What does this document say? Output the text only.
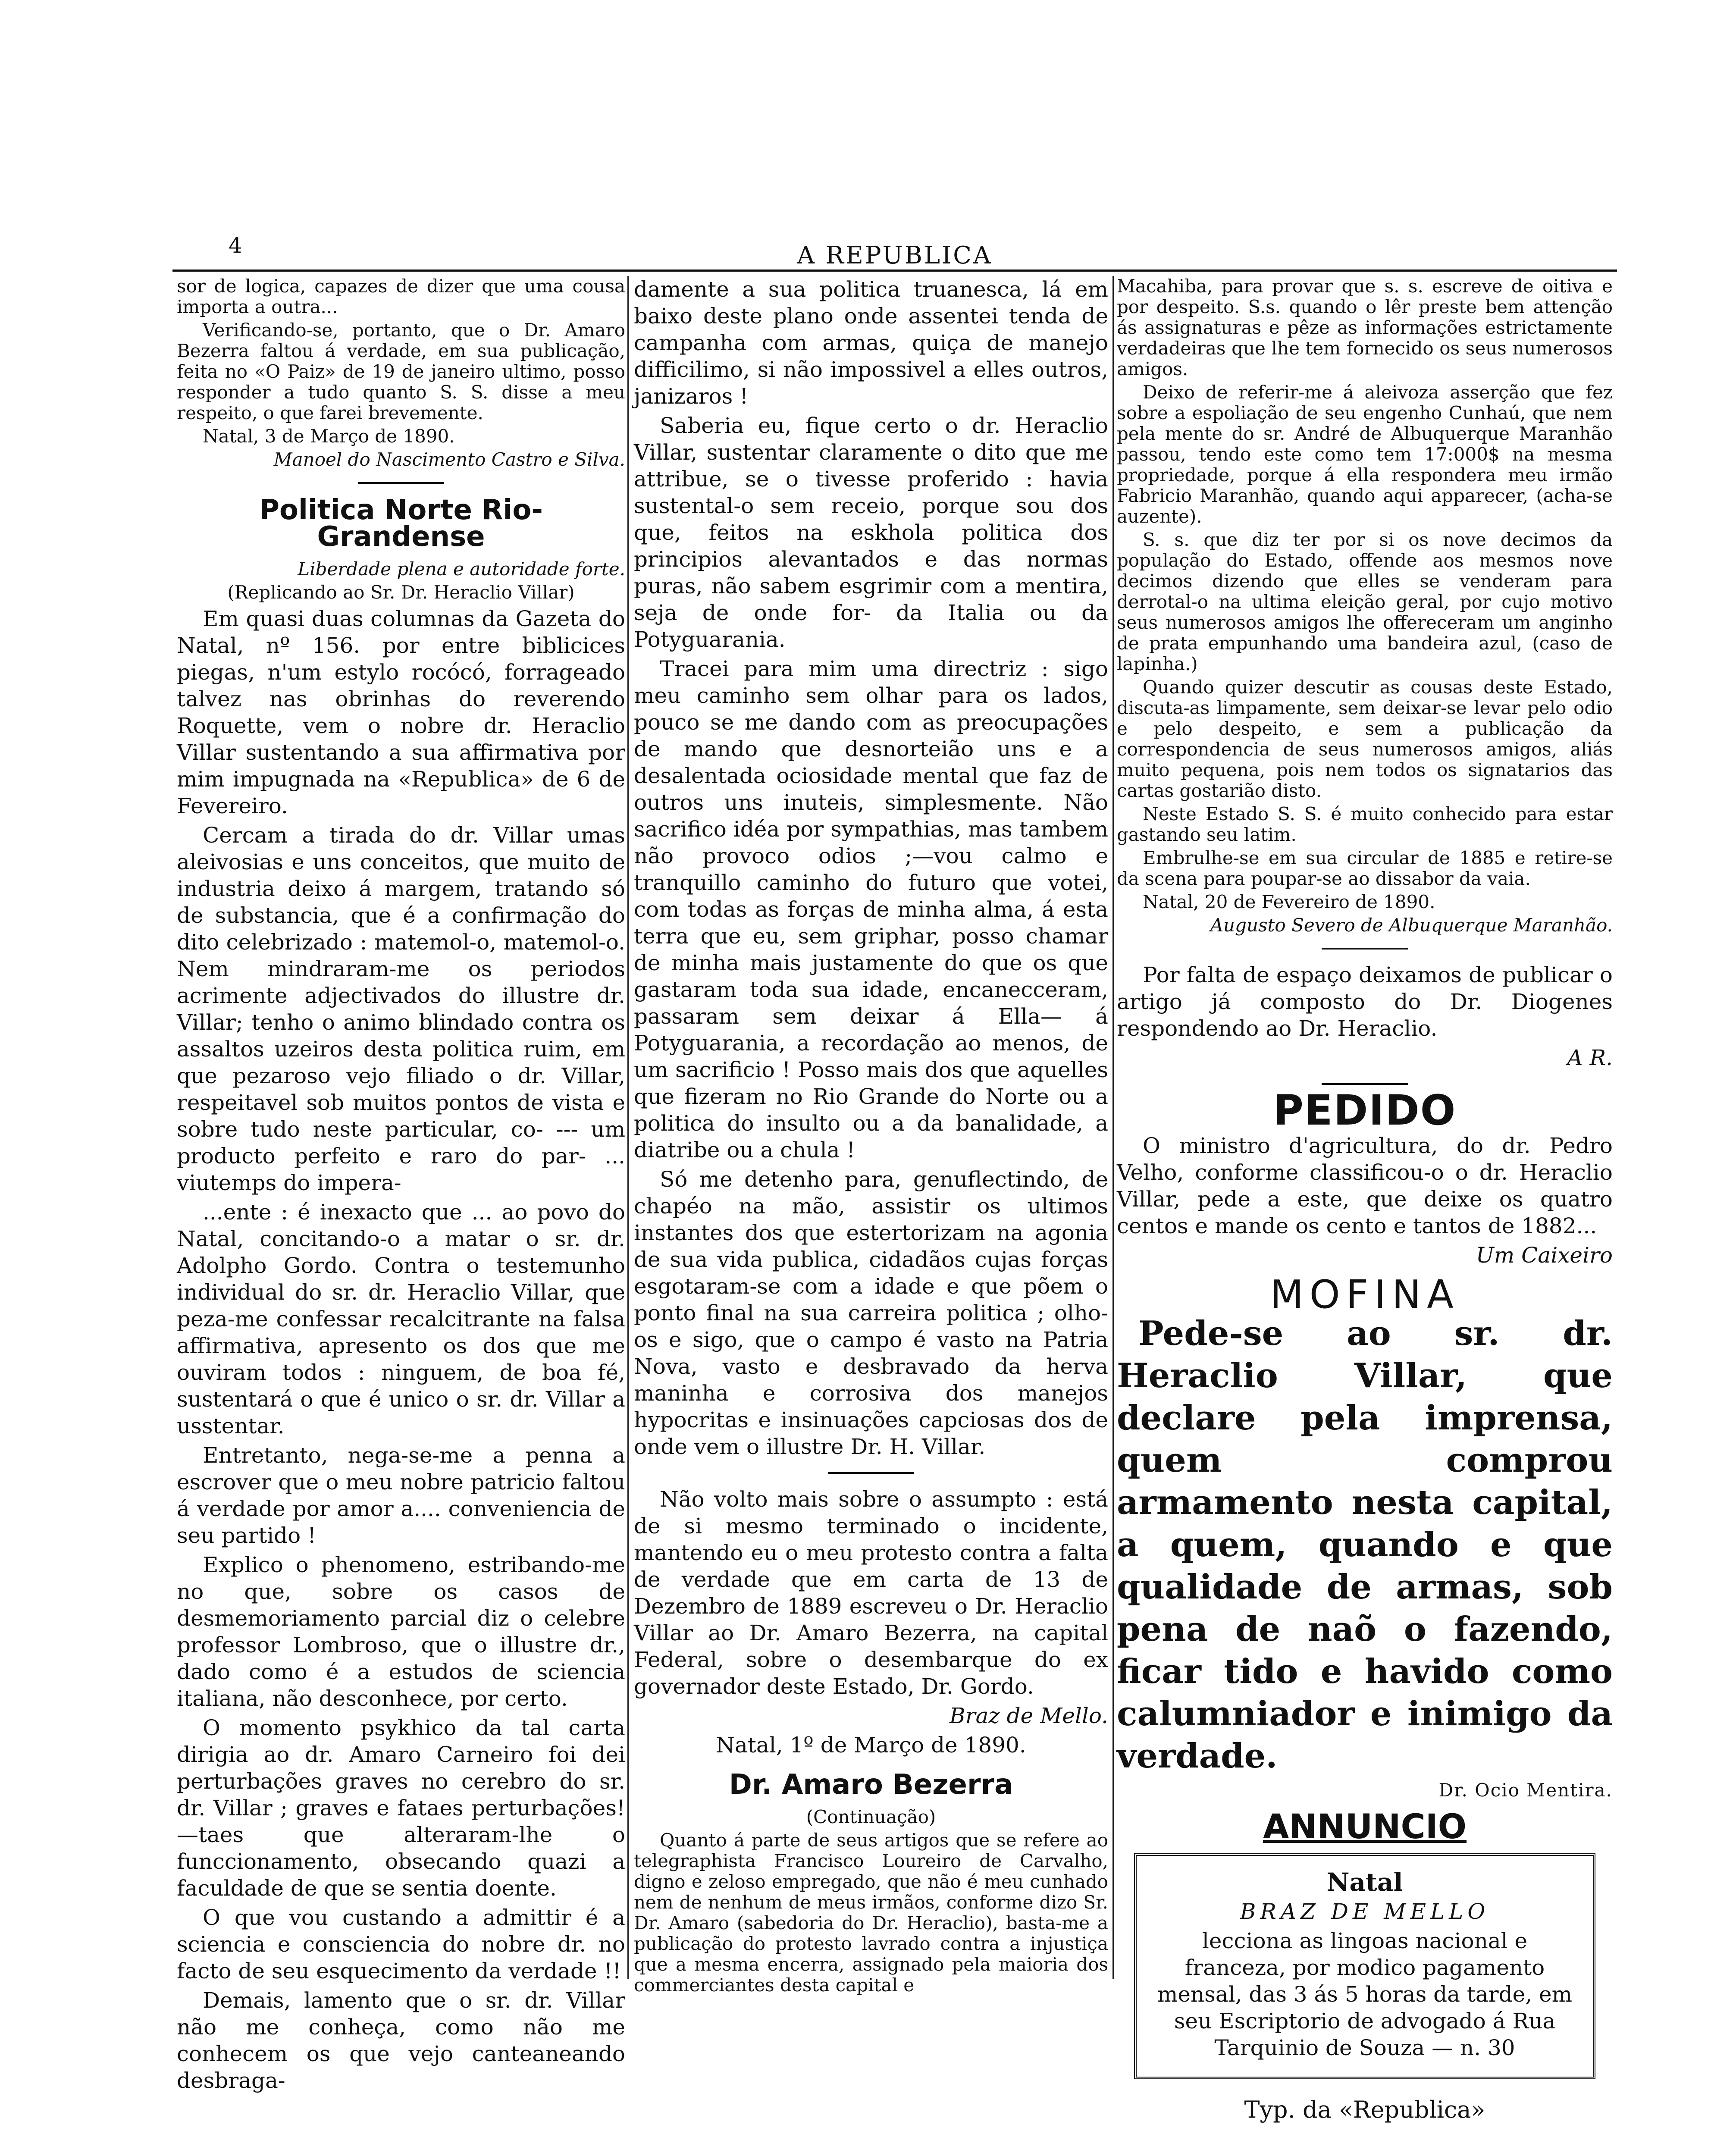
4	A REPUBLICA

sor de logica, capazes de dizer que uma cousa importa a outra...

Verificando-se, portanto, que o Dr. Amaro Bezerra faltou á verdade, em sua publicação, feita no «O Paiz» de 19 de janeiro ultimo, posso responder a tudo quanto S. S. disse a meu respeito, o que farei brevemente.

Natal, 3 de Março de 1890.

Manoel do Nascimento Castro e Silva.

Politica Norte Rio-Grandense

Liberdade plena e autoridade forte.

(Replicando ao Sr. Dr. Heraclio Villar)

Em quasi duas columnas da Gazeta do Natal, nº 156. por entre biblicices piegas, n'um estylo rocócó, forrageado talvez nas obrinhas do reverendo Roquette, vem o nobre dr. Heraclio Villar sustentando a sua affirmativa por mim impugnada na «Republica» de 6 de Fevereiro.

Cercam a tirada do dr. Villar umas aleivosias e uns conceitos, que muito de industria deixo á margem, tratando só de substancia, que é a confirmação do dito celebrizado : matemol-o, matemol-o. Nem mindraram-me os periodos acrimente adjectivados do illustre dr. Villar; tenho o animo blindado contra os assaltos uzeiros desta politica ruim, em que pezaroso vejo filiado o dr. Villar, respeitavel sob muitos pontos de vista e sobre tudo neste particular, co- --- um producto perfeito e raro do par- ... viutemps do impera-

...ente : é inexacto que ... ao povo do Natal, concitando-o a matar o sr. dr. Adolpho Gordo. Contra o testemunho individual do sr. dr. Heraclio Villar, que peza-me confessar recalcitrante na falsa affirmativa, apresento os dos que me ouviram todos : ninguem, de boa fé, sustentará o que é unico o sr. dr. Villar a usstentar.

Entretanto, nega-se-me a penna a escrover que o meu nobre patricio faltou á verdade por amor a.... conveniencia de seu partido !

Explico o phenomeno, estribando-me no que, sobre os casos de desmemoriamento parcial diz o celebre professor Lombroso, que o illustre dr., dado como é a estudos de sciencia italiana, não desconhece, por certo.

O momento psykhico da tal carta dirigia ao dr. Amaro Carneiro foi dei perturbações graves no cerebro do sr. dr. Villar ; graves e fataes perturbações! —taes que alteraram-lhe o funccionamento, obsecando quazi a faculdade de que se sentia doente.

O que vou custando a admittir é a sciencia e consciencia do nobre dr. no facto de seu esquecimento da verdade !!

Demais, lamento que o sr. dr. Villar não me conheça, como não me conhecem os que vejo canteaneando desbraga-

damente a sua politica truanesca, lá em baixo deste plano onde assentei tenda de campanha com armas, quiça de manejo difficilimo, si não impossivel a elles outros, janizaros !

Saberia eu, fique certo o dr. Heraclio Villar, sustentar claramente o dito que me attribue, se o tivesse proferido : havia sustental-o sem receio, porque sou dos que, feitos na eskhola politica dos principios alevantados e das normas puras, não sabem esgrimir com a mentira, seja de onde for- da Italia ou da Potyguarania.

Tracei para mim uma directriz : sigo meu caminho sem olhar para os lados, pouco se me dando com as preocupações de mando que desnorteião uns e a desalentada ociosidade mental que faz de outros uns inuteis, simplesmente. Não sacrifico idéa por sympathias, mas tambem não provoco odios ;—vou calmo e tranquillo caminho do futuro que votei, com todas as forças de minha alma, á esta terra que eu, sem griphar, posso chamar de minha mais justamente do que os que gastaram toda sua idade, encanecceram, passaram sem deixar á Ella— á Potyguarania, a recordação ao menos, de um sacrificio ! Posso mais dos que aquelles que fizeram no Rio Grande do Norte ou a politica do insulto ou a da banalidade, a diatribe ou a chula !

Só me detenho para, genuflectindo, de chapéo na mão, assistir os ultimos instantes dos que estertorizam na agonia de sua vida publica, cidadãos cujas forças esgotaram-se com a idade e que põem o ponto final na sua carreira politica ; olho-os e sigo, que o campo é vasto na Patria Nova, vasto e desbravado da herva maninha e corrosiva dos manejos hypocritas e insinuações capciosas dos de onde vem o illustre Dr. H. Villar.

Não volto mais sobre o assumpto : está de si mesmo terminado o incidente, mantendo eu o meu protesto contra a falta de verdade que em carta de 13 de Dezembro de 1889 escreveu o Dr. Heraclio Villar ao Dr. Amaro Bezerra, na capital Federal, sobre o desembarque do ex governador deste Estado, Dr. Gordo.

Braz de Mello.

Natal, 1º de Março de 1890.

Dr. Amaro Bezerra

(Continuação)

Quanto á parte de seus artigos que se refere ao telegraphista Francisco Loureiro de Carvalho, digno e zeloso empregado, que não é meu cunhado nem de nenhum de meus irmãos, conforme dizo Sr. Dr. Amaro (sabedoria do Dr. Heraclio), basta-me a publicação do protesto lavrado contra a injustiça que a mesma encerra, assignado pela maioria dos commerciantes desta capital e

Macahiba, para provar que s. s. escreve de oitiva e por despeito. S.s. quando o lêr preste bem attenção ás assignaturas e pêze as informações estrictamente verdadeiras que lhe tem fornecido os seus numerosos amigos.

Deixo de referir-me á aleivoza asserção que fez sobre a espoliação de seu engenho Cunhaú, que nem pela mente do sr. André de Albuquerque Maranhão passou, tendo este como tem 17:000$ na mesma propriedade, porque á ella respondera meu irmão Fabricio Maranhão, quando aqui apparecer, (acha-se auzente).

S. s. que diz ter por si os nove decimos da população do Estado, offende aos mesmos nove decimos dizendo que elles se venderam para derrotal-o na ultima eleição geral, por cujo motivo seus numerosos amigos lhe offereceram um anginho de prata empunhando uma bandeira azul, (caso de lapinha.)

Quando quizer descutir as cousas deste Estado, discuta-as limpamente, sem deixar-se levar pelo odio e pelo despeito, e sem a publicação da correspondencia de seus numerosos amigos, aliás muito pequena, pois nem todos os signatarios das cartas gostarião disto.

Neste Estado S. S. é muito conhecido para estar gastando seu latim.

Embrulhe-se em sua circular de 1885 e retire-se da scena para poupar-se ao dissabor da vaia.

Natal, 20 de Fevereiro de 1890.

Augusto Severo de Albuquerque Maranhão.

Por falta de espaço deixamos de publicar o artigo já composto do Dr. Diogenes respondendo ao Dr. Heraclio.

A R.

PEDIDO

O ministro d'agricultura, do dr. Pedro Velho, conforme classificou-o o dr. Heraclio Villar, pede a este, que deixe os quatro centos e mande os cento e tantos de 1882...

Um Caixeiro

MOFINA

Pede-se ao sr. dr. Heraclio Villar, que declare pela imprensa, quem comprou armamento nesta capital, a quem, quando e que qualidade de armas, sob pena de naõ o fazendo, ficar tido e havido como calumniador e inimigo da verdade.

Dr. Ocio Mentira.

ANNUNCIO

Natal

BRAZ DE MELLO

lecciona as lingoas nacional e franceza, por modico pagamento mensal, das 3 ás 5 horas da tarde, em seu Escriptorio de advogado á Rua Tarquinio de Souza — n. 30

Typ. da «Republica»
